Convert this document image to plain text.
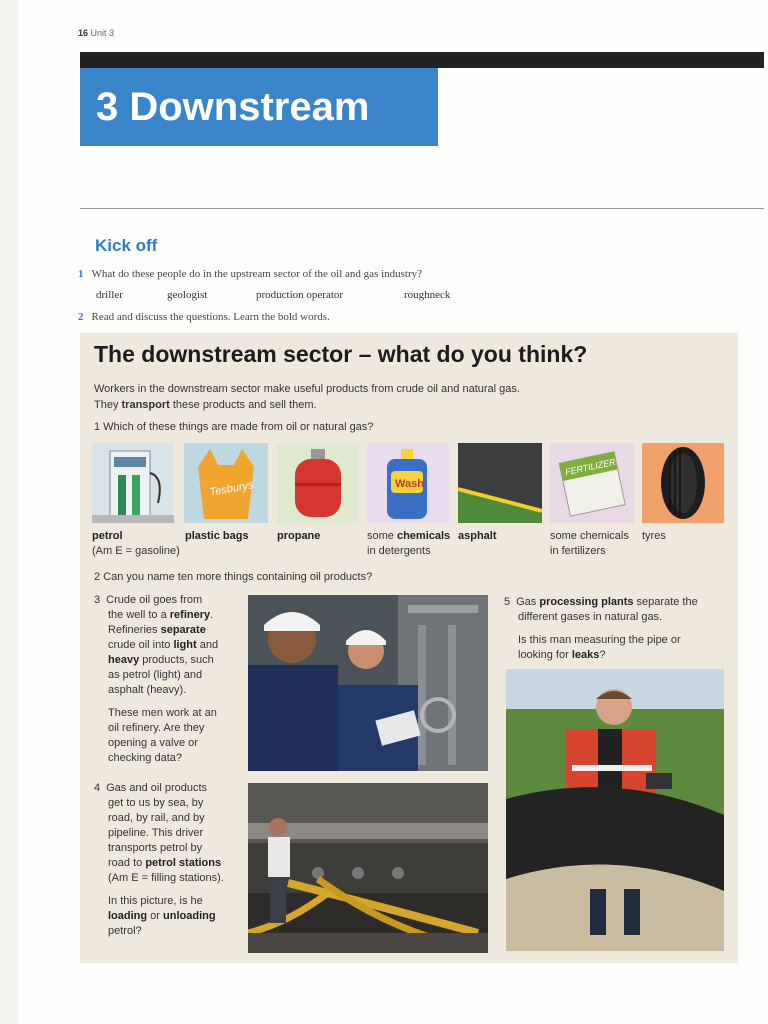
16 Unit 3
3 Downstream
Kick off
1 What do these people do in the upstream sector of the oil and gas industry?
driller	geologist	production operator	roughneck
2 Read and discuss the questions. Learn the bold words.
The downstream sector – what do you think?
Workers in the downstream sector make useful products from crude oil and natural gas.
They transport these products and sell them.
1 Which of these things are made from oil or natural gas?
Tesburys	Wash
FERTILIZER
petrol
(Am E = gasoline)
plastic bags	propane	some chemicals
in detergents
asphalt	some chemicals
in fertilizers
tyres
2 Can you name ten more things containing oil products?
3 Crude oil goes from
the well to a refinery.
Refineries separate
crude oil into light and
heavy products, such
as petrol (light) and
asphalt (heavy).
These men work at an
oil refinery. Are they
opening a valve or
checking data?
4 Gas and oil products
get to us by sea, by
road, by rail, and by
pipeline. This driver
transports petrol by
road to petrol stations
(Am E = filling stations).
In this picture, is he
loading or unloading
petrol?
5 Gas processing plants separate the
different gases in natural gas.
Is this man measuring the pipe or
looking for leaks?
